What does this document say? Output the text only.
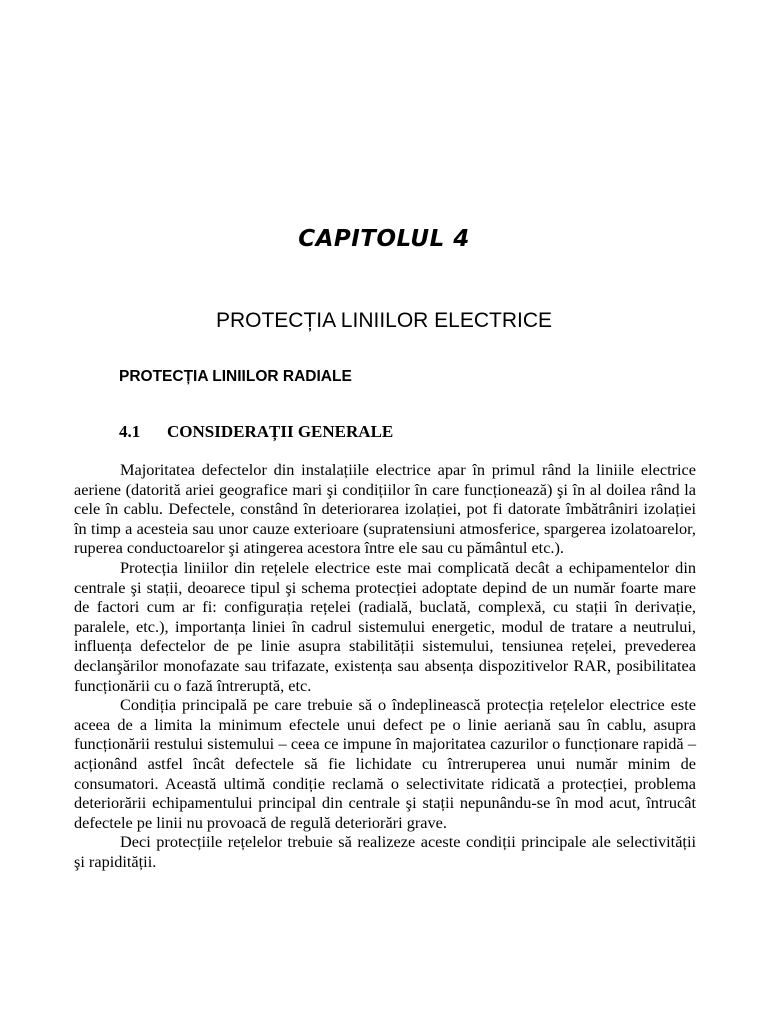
CAPITOLUL 4
PROTECȚIA LINIILOR ELECTRICE
PROTECȚIA LINIILOR RADIALE
4.1 CONSIDERAȚII GENERALE

Majoritatea defectelor din instalațiile electrice apar în primul rând la liniile electrice aeriene (datorită ariei geografice mari şi condițiilor în care funcționează) şi în al doilea rând la cele în cablu. Defectele, constând în deteriorarea izolației, pot fi datorate îmbătrâniri izolației în timp a acesteia sau unor cauze exterioare (supratensiuni atmosferice, spargerea izolatoarelor, ruperea conductoarelor şi atingerea acestora între ele sau cu pământul etc.).

Protecția liniilor din rețelele electrice este mai complicată decât a echipamentelor din centrale şi stații, deoarece tipul şi schema protecției adoptate depind de un număr foarte mare de factori cum ar fi: configurația rețelei (radială, buclată, complexă, cu stații în derivație, paralele, etc.), importanța liniei în cadrul sistemului energetic, modul de tratare a neutrului, influența defectelor de pe linie asupra stabilității sistemului, tensiunea rețelei, prevederea declanşărilor monofazate sau trifazate, existența sau absența dispozitivelor RAR, posibilitatea funcționării cu o fază întreruptă, etc.

Condiția principală pe care trebuie să o îndeplinească protecția rețelelor electrice este aceea de a limita la minimum efectele unui defect pe o linie aeriană sau în cablu, asupra funcționării restului sistemului – ceea ce impune în majoritatea cazurilor o funcționare rapidă – acționând astfel încât defectele să fie lichidate cu întreruperea unui număr minim de consumatori. Această ultimă condiție reclamă o selectivitate ridicată a protecției, problema deteriorării echipamentului principal din centrale şi stații nepunându-se în mod acut, întrucât defectele pe linii nu provoacă de regulă deteriorări grave.

Deci protecțiile rețelelor trebuie să realizeze aceste condiții principale ale selectivității şi rapidității.
